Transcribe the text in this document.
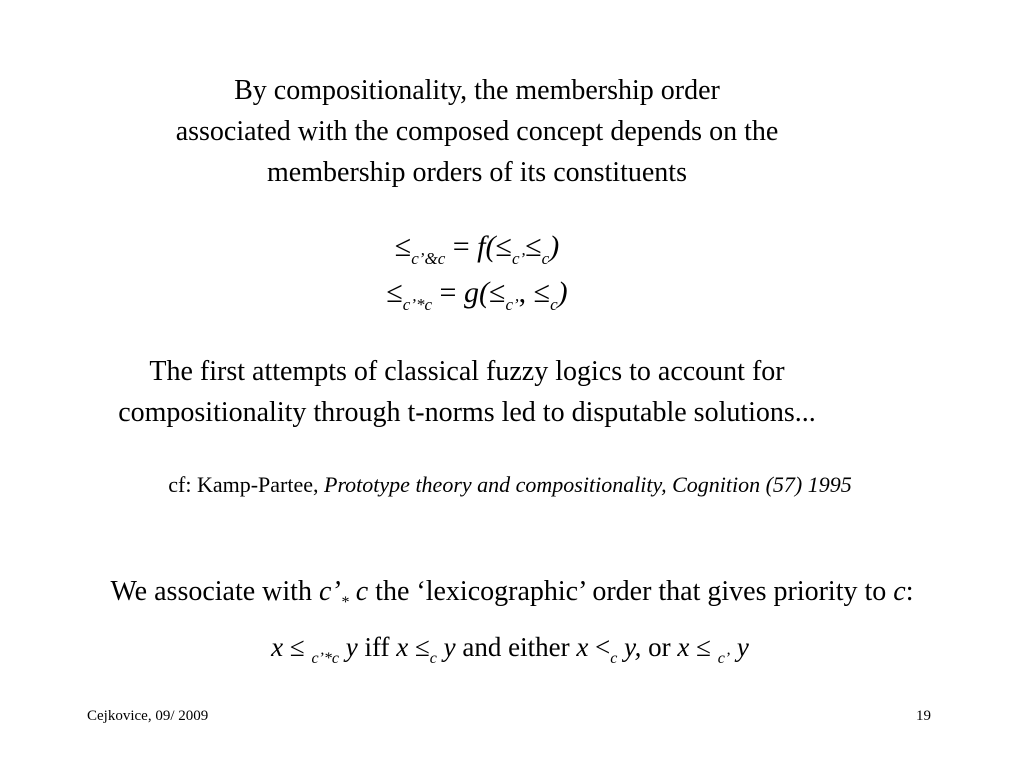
By compositionality, the membership order
associated with the composed concept depends on the
membership orders of its constituents
$\le_{c’\&c} = f(\le_{c’}\le_c)$
$\le_{c’*c} = g(\le_{c’}$, $\le_c$)
The first attempts of classical fuzzy logics to account for
compositionality through t-norms led to disputable solutions...
cf: Kamp-Partee, Prototype theory and compositionality, Cognition (57) 1995
We associate with $c’_*$ c the ‘lexicographic’ order that gives priority to c:
x ≤ $_{c’*c}$ y iff $x \le_c$ y and either $x <_c$ y, or x ≤ $_{c’}$ y
Cejkovice, 09/ 2009	19
